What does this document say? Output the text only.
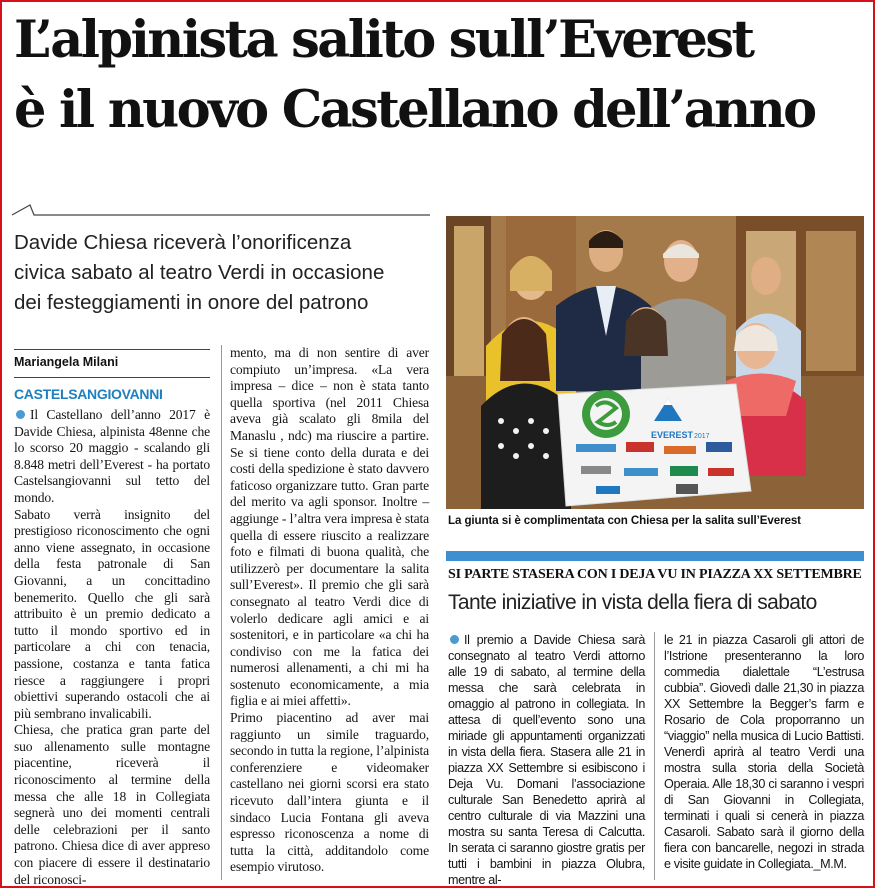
L’alpinista salito sull’Everest
è il nuovo Castellano dell’anno
Davide Chiesa riceverà l’onorificenza
civica sabato al teatro Verdi in occasione
dei festeggiamenti in onore del patrono
Mariangela Milani
CASTELSANGIOVANNI

Il Castellano dell’anno 2017 è Davide Chiesa, alpinista 48enne che lo scorso 20 maggio - scalando gli 8.848 metri dell’Everest - ha portato Castelsangiovanni sul tetto del mondo.

Sabato verrà insignito del prestigioso riconoscimento che ogni anno viene assegnato, in occasione della festa patronale di San Giovanni, a un concittadino benemerito. Quello che gli sarà attribuito è un premio dedicato a tutto il mondo sportivo ed in particolare a chi con tenacia, passione, costanza e tanta fatica riesce a raggiungere i propri obiettivi superando ostacoli che ai più sembrano invalicabili.

Chiesa, che pratica gran parte del suo allenamento sulle montagne piacentine, riceverà il riconoscimento al termine della messa che alle 18 in Collegiata segnerà uno dei momenti centrali delle celebrazioni per il santo patrono. Chiesa dice di aver appreso con piacere di essere il destinatario del riconosci-

mento, ma di non sentire di aver compiuto un’impresa. «La vera impresa – dice – non è stata tanto quella sportiva (nel 2011 Chiesa aveva già scalato gli 8mila del Manaslu , ndc) ma riuscire a partire. Se si tiene conto della durata e dei costi della spedizione è stato davvero faticoso organizzare tutto. Gran parte del merito va agli sponsor. Inoltre – aggiunge - l’altra vera impresa è stata quella di essere riuscito a realizzare foto e filmati di buona qualità, che utilizzerò per documentare la salita sull’Everest». Il premio che gli sarà consegnato al teatro Verdi dice di volerlo dedicare agli amici e ai sostenitori, e in particolare «a chi ha condiviso con me la fatica dei numerosi allenamenti, a chi mi ha sostenuto economicamente, a mia figlia e ai miei affetti».

Primo piacentino ad aver mai raggiunto un simile traguardo, secondo in tutta la regione, l’alpinista conferenziere e videomaker castellano nei giorni scorsi era stato ricevuto dall’intera giunta e il sindaco Lucia Fontana gli aveva espresso riconoscenza a nome di tutta la città, additandolo come esempio virutoso.

EVEREST 2017
La giunta si è complimentata con Chiesa per la salita sull’Everest
SI PARTE STASERA CON I DEJA VU IN PIAZZA XX SETTEMBRE
Tante iniziative in vista della fiera di sabato
Il premio a Davide Chiesa sarà consegnato al teatro Verdi attorno alle 19 di sabato, al termine della messa che sarà celebrata in omaggio al patrono in collegiata. In attesa di quell’evento sono una miriade gli appuntamenti organizzati in vista della fiera. Stasera alle 21 in piazza XX Settembre si esibiscono i Deja Vu. Domani l’associazione culturale San Benedetto aprirà al centro culturale di via Mazzini una mostra su santa Teresa di Calcutta. In serata ci saranno giostre gratis per tutti i bambini in piazza Olubra, mentre al-
le 21 in piazza Casaroli gli attori de l’Istrione presenteranno la loro commedia dialettale “L’estrusa cubbia”. Giovedì dalle 21,30 in piazza XX Settembre la Begger’s farm e Rosario de Cola proporranno un “viaggio” nella musica di Lucio Battisti. Venerdì aprirà al teatro Verdi una mostra sulla storia della Società Operaia. Alle 18,30 ci saranno i vespri di San Giovanni in Collegiata, terminati i quali si cenerà in piazza Casaroli. Sabato sarà il giorno della fiera con bancarelle, negozi in strada e visite guidate in Collegiata._M.M.
